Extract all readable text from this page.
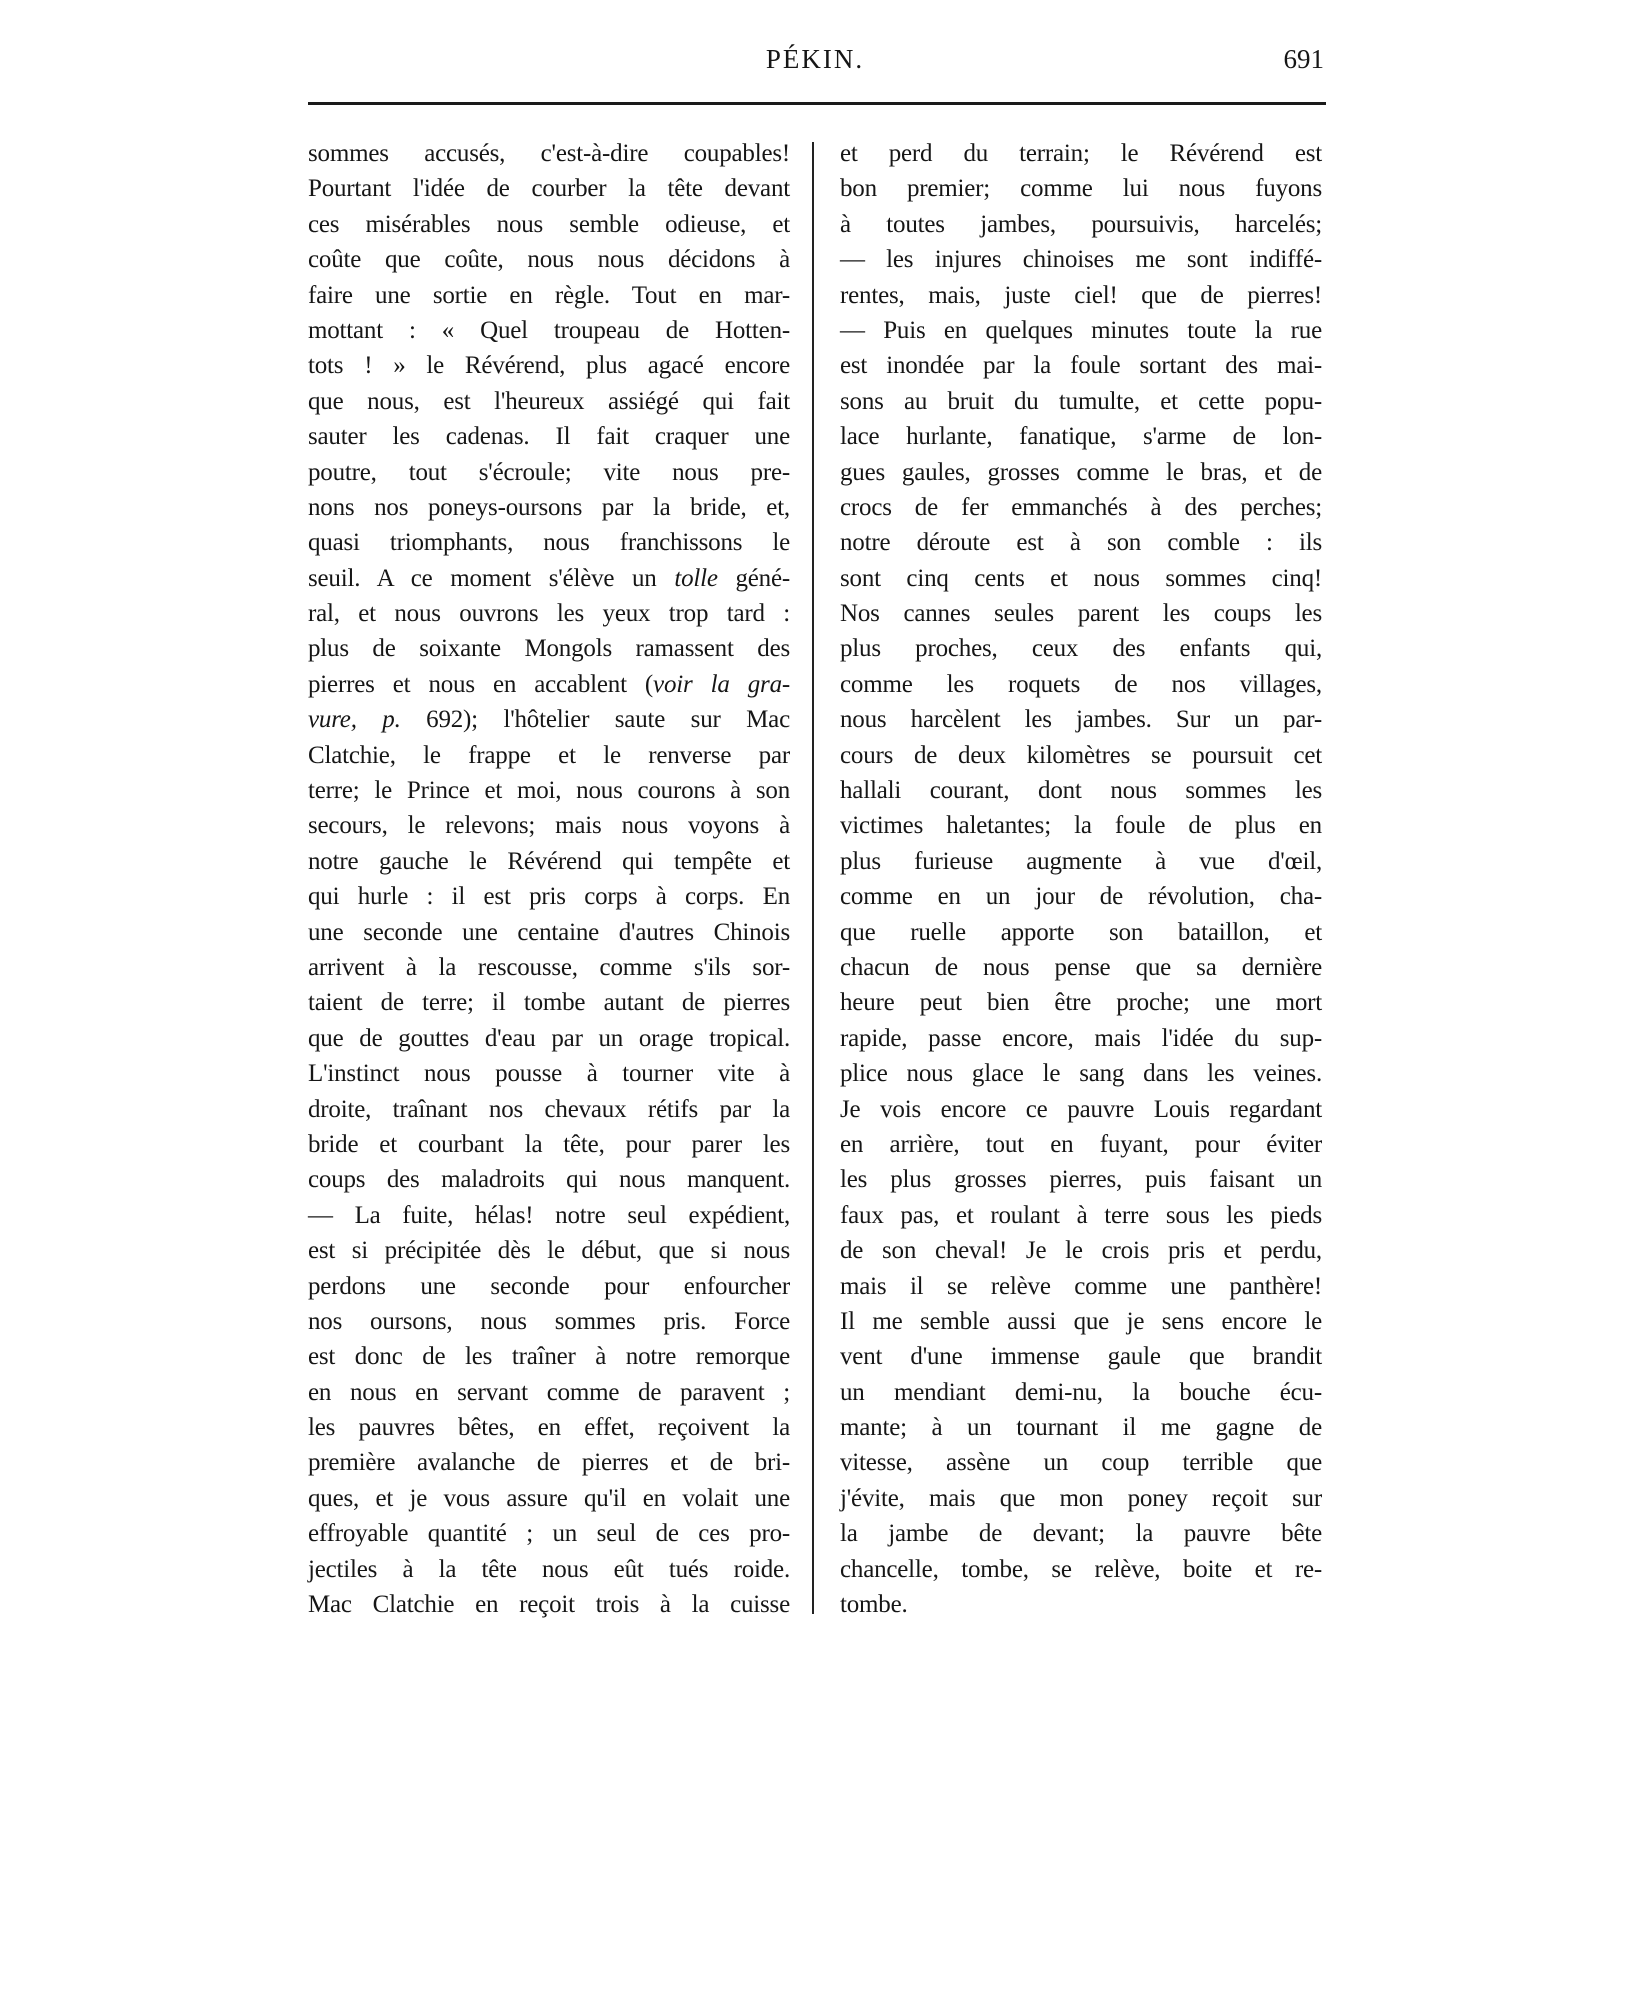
PÉKIN.	691
sommes accusés, c'est-à-dire coupables!
Pourtant l'idée de courber la tête devant
ces misérables nous semble odieuse, et
coûte que coûte, nous nous décidons à
faire une sortie en règle. Tout en mar-
mottant : « Quel troupeau de Hotten-
tots ! » le Révérend, plus agacé encore
que nous, est l'heureux assiégé qui fait
sauter les cadenas. Il fait craquer une
poutre, tout s'écroule; vite nous pre-
nons nos poneys-oursons par la bride, et,
quasi triomphants, nous franchissons le
seuil. A ce moment s'élève un tolle géné-
ral, et nous ouvrons les yeux trop tard :
plus de soixante Mongols ramassent des
pierres et nous en accablent (voir la gra-
vure, p. 692); l'hôtelier saute sur Mac
Clatchie, le frappe et le renverse par
terre; le Prince et moi, nous courons à son
secours, le relevons; mais nous voyons à
notre gauche le Révérend qui tempête et
qui hurle : il est pris corps à corps. En
une seconde une centaine d'autres Chinois
arrivent à la rescousse, comme s'ils sor-
taient de terre; il tombe autant de pierres
que de gouttes d'eau par un orage tropical.
L'instinct nous pousse à tourner vite à
droite, traînant nos chevaux rétifs par la
bride et courbant la tête, pour parer les
coups des maladroits qui nous manquent.
— La fuite, hélas! notre seul expédient,
est si précipitée dès le début, que si nous
perdons une seconde pour enfourcher
nos oursons, nous sommes pris. Force
est donc de les traîner à notre remorque
en nous en servant comme de paravent ;
les pauvres bêtes, en effet, reçoivent la
première avalanche de pierres et de bri-
ques, et je vous assure qu'il en volait une
effroyable quantité ; un seul de ces pro-
jectiles à la tête nous eût tués roide.
Mac Clatchie en reçoit trois à la cuisse
et perd du terrain; le Révérend est
bon premier; comme lui nous fuyons
à toutes jambes, poursuivis, harcelés;
— les injures chinoises me sont indiffé-
rentes, mais, juste ciel! que de pierres!
— Puis en quelques minutes toute la rue
est inondée par la foule sortant des mai-
sons au bruit du tumulte, et cette popu-
lace hurlante, fanatique, s'arme de lon-
gues gaules, grosses comme le bras, et de
crocs de fer emmanchés à des perches;
notre déroute est à son comble : ils
sont cinq cents et nous sommes cinq!
Nos cannes seules parent les coups les
plus proches, ceux des enfants qui,
comme les roquets de nos villages,
nous harcèlent les jambes. Sur un par-
cours de deux kilomètres se poursuit cet
hallali courant, dont nous sommes les
victimes haletantes; la foule de plus en
plus furieuse augmente à vue d'œil,
comme en un jour de révolution, cha-
que ruelle apporte son bataillon, et
chacun de nous pense que sa dernière
heure peut bien être proche; une mort
rapide, passe encore, mais l'idée du sup-
plice nous glace le sang dans les veines.
Je vois encore ce pauvre Louis regardant
en arrière, tout en fuyant, pour éviter
les plus grosses pierres, puis faisant un
faux pas, et roulant à terre sous les pieds
de son cheval! Je le crois pris et perdu,
mais il se relève comme une panthère!
Il me semble aussi que je sens encore le
vent d'une immense gaule que brandit
un mendiant demi-nu, la bouche écu-
mante; à un tournant il me gagne de
vitesse, assène un coup terrible que
j'évite, mais que mon poney reçoit sur
la jambe de devant; la pauvre bête
chancelle, tombe, se relève, boite et re-
tombe.
